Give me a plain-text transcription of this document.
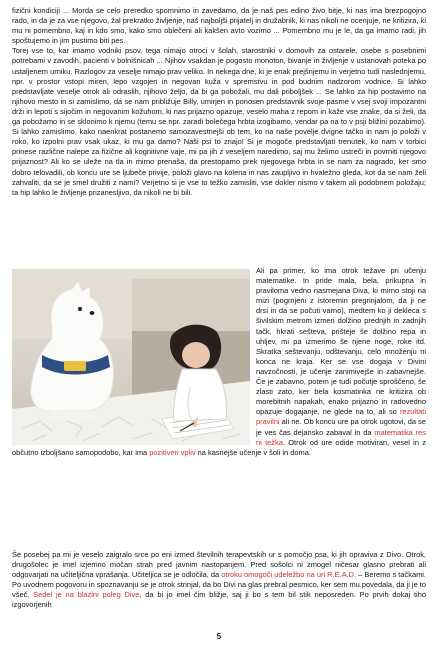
fizični kondiciji ... Morda se celo preredko spomnimo in zavedamo, da je naš pes edino živo bitje, ki nas ima brezpogojno rado, in da je za vse njegovo, žal prekratko življenje, naš najboljši prijatelj in družabnik, ki nas nikoli ne ocenjuje, ne kritizira, ki mu ni pomembno, kaj in kdo smo, kako smo oblečeni ali kakšen avto vozimo ... Pomembno mu je le, da ga imamo radi, jih spoštujemo in jim pustimo biti pes.
Torej vse to, kar imamo vodniki psov, tega nimajo otroci v šolah, starostniki v domovih za ostarele, osebe s posebnimi potrebami v zavodih, pacienti v bolnišnicah ... Njihov vsakdan je pogosto monoton, bivanje in življenje v ustanovah poteka po ustaljenem urniku. Razlogov za veselje nimajo prav veliko. In nekega dne, ki je enak prejšnjemu in verjetno tudi naslednjemu, npr. v prostor vstopi miren, lepo vzgojen in negovan kuža v spremstvu in pod budnim nadzorom vodnice. Si lahko predstavljate veselje otrok ali odraslih, njihovo željo, da bi ga pobožali, mu dali priboljšek ... Se lahko za hip postavimo na njihovo mesto in si zamislimo, da se nam približuje Billy, umirjen in ponosen predstavnik svoje pasme v vsej svoji impozantni drži in lepoti s sijočim in negovanim kožuhom, ki nas prijazno opazuje, veselo maha z repom in kaže vse znake, da si želi, da ga pobožamo in se sklonimo k njemu (temu se npr. zaradi bolečega hrbta izogibamo, vendar pa na to v psji bližini pozabimo). Si lahko zamislimo, kako naenkrat postanemo samozavestnejši ob tem, ko na naše povelje dvigne tačko in nam jo položi v roko, ko izpolni prav vsak ukaz, ki mu ga damo? Naši psi to znajo! Si je mogoče predstavljati trenutek, ko nam v torbici prinese različne nalepe za fizične ali kognitivne vaje, mi pa jih z veseljem naredimo, saj mu želimo ustreči in povrniti njegovo prijaznost? Ali ko se uleže na tla in mirno prenaša, da prestopamo prek njegovega hrbta in se nam za nagrado, ker smo dobro telovadili, ob koncu ure se ljubeče privije, položi glavo na kolena in nas zaupljivo in hvaležno gleda, kot da se nam želi zahvaliti, da se je smel družiti z nami? Verjetno si je vse to težko zamisliti, vse dokler nismo v takem ali podobnem položaju; ta hip lahko le življenje prizanesljivo, da nikoli ne bi bili.

Ali pa primer, ko ima otrok težave pri učenju matematike. In pride mala, bela, prikupna in praviloma vedno nasmejana Diva, ki mirno stoji na mizi (pogrnjeni z istoremin pregrinjalom, da ji ne drsi in da se počuti varno), medtem ko ji dekleca s šivilskim metrom izmeri dolžino prednjih in zadnjih tačk, hkrati sešteva, prišteje še dolžino repa in uhljev, mi pa izmerimo še njene noge, roke itd. Skratka seštevanju, odštevanju, celo množenju ni konca ne kraja. Ker se vse dogaja v Divini navzočnosti, je učenje zanimivejše in zabavnejše. Če je zabavno, potem je tudi počutje sproščeno, še zlasti zato, ker bela kosmatinka ne kritizira ob morebitnih napakah, enako prijazno in radovedno opazuje dogajanje, ne glede na to, ali so rezultati pravilni ali ne. Ob koncu ure pa otrok ugotovi, da se je ves čas dejansko zabaval in da matematika res ni težka. Otrok od ure odide motiviran, vesel in z občutno izboljšano samopodobo, kar ima pozitiven vpliv na kasnejše učenje v šoli in doma.

Še posebej pa mi je veselo zaigralo srce po eni izmed številnih terapevtskih ur s pomočjo psa, ki jih opraviva z Divo. Otrok, drugošolec je imel izjemno močan strah pred javnim nastopanjem. Pred sošolci ni zmogel ničesar glasno prebrati ali odgovarjati na učiteljična vprašanja. Učiteljica se je odločila, da otroku omogoči udeležbo na uri R.E.A.D. – Beremo s tačkami. Po uvodnem pogovoru in spoznavanju se je otrok strinjal, da bo Divi na glas prebral pesmico, ker sem mu povedala, da ji je to všeč. Sedel je na blazini poleg Dive, da bi jo imel čim bližje, saj ji bo s tem bil stik neposreden. Po prvih dokaj tiho izgovorjenih

5
